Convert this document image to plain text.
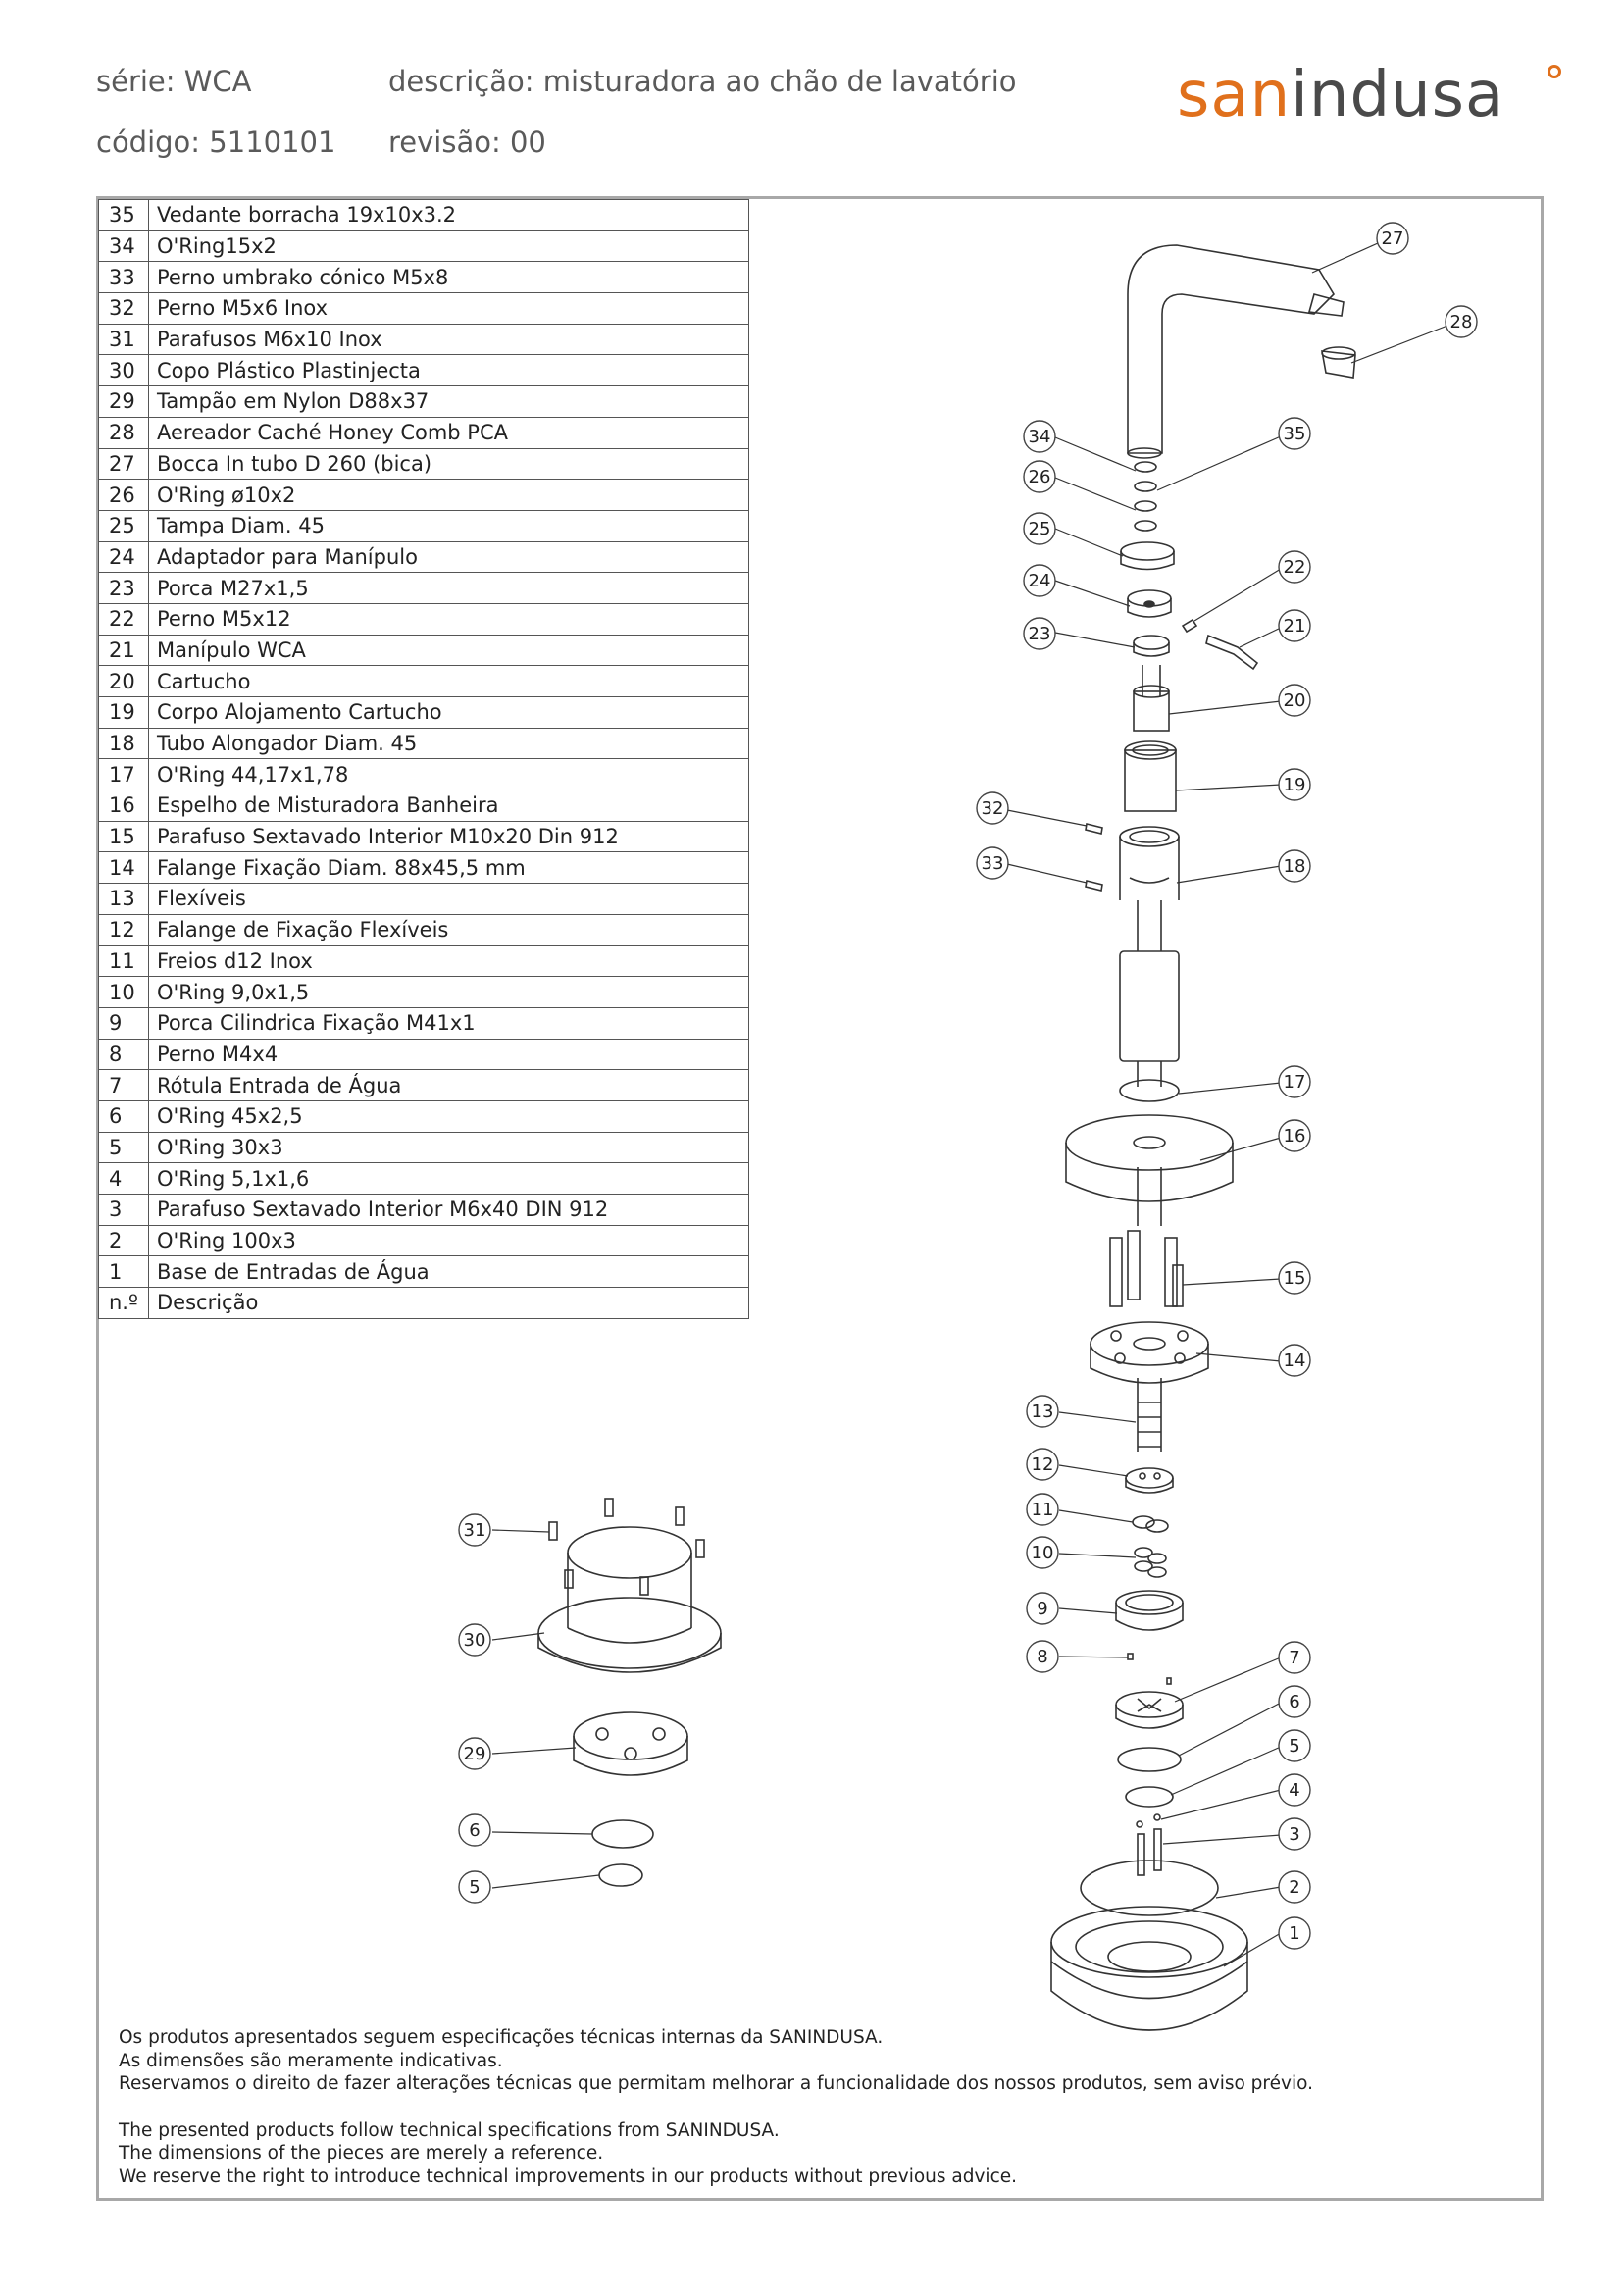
série: WCA	descrição: misturadora ao chão de lavatório
código: 5110101 revisão: 00
sanindusa
35	Vedante borracha 19x10x3.2
34	O'Ring15x2
33	Perno umbrako cónico M5x8
32	Perno M5x6 Inox
31	Parafusos M6x10 Inox
30	Copo Plástico Plastinjecta
29	Tampão em Nylon D88x37
28	Aereador Caché Honey Comb PCA
27	Bocca In tubo D 260 (bica)
26	O'Ring ø10x2
25	Tampa Diam. 45
24	Adaptador para Manípulo
23	Porca M27x1,5
22	Perno M5x12
21	Manípulo WCA
20	Cartucho
19	Corpo Alojamento Cartucho
18	Tubo Alongador Diam. 45
17	O'Ring 44,17x1,78
16	Espelho de Misturadora Banheira
15	Parafuso Sextavado Interior M10x20 Din 912
14	Falange Fixação Diam. 88x45,5 mm
13	Flexíveis
12	Falange de Fixação Flexíveis
11	Freios d12 Inox
10	O'Ring 9,0x1,5
9	Porca Cilindrica Fixação M41x1
8	Perno M4x4
7	Rótula Entrada de Água
6	O'Ring 45x2,5
5	O'Ring 30x3
4	O'Ring 5,1x1,6
3	Parafuso Sextavado Interior M6x40 DIN 912
2	O'Ring 100x3
1	Base de Entradas de Água
n.º	Descrição
27
28
34	35
26
25
24
22
23	21
20
19
32
33	18
17
16
15
14
13
12
11
10
9
8	7
6
5
4
3
2
1
31
30
29
6
5

Os produtos apresentados seguem especificações técnicas internas da SANINDUSA.

As dimensões são meramente indicativas.

Reservamos o direito de fazer alterações técnicas que permitam melhorar a funcionalidade dos nossos produtos, sem aviso prévio.

The presented products follow technical specifications from SANINDUSA.

The dimensions of the pieces are merely a reference.

We reserve the right to introduce technical improvements in our products without previous advice.
